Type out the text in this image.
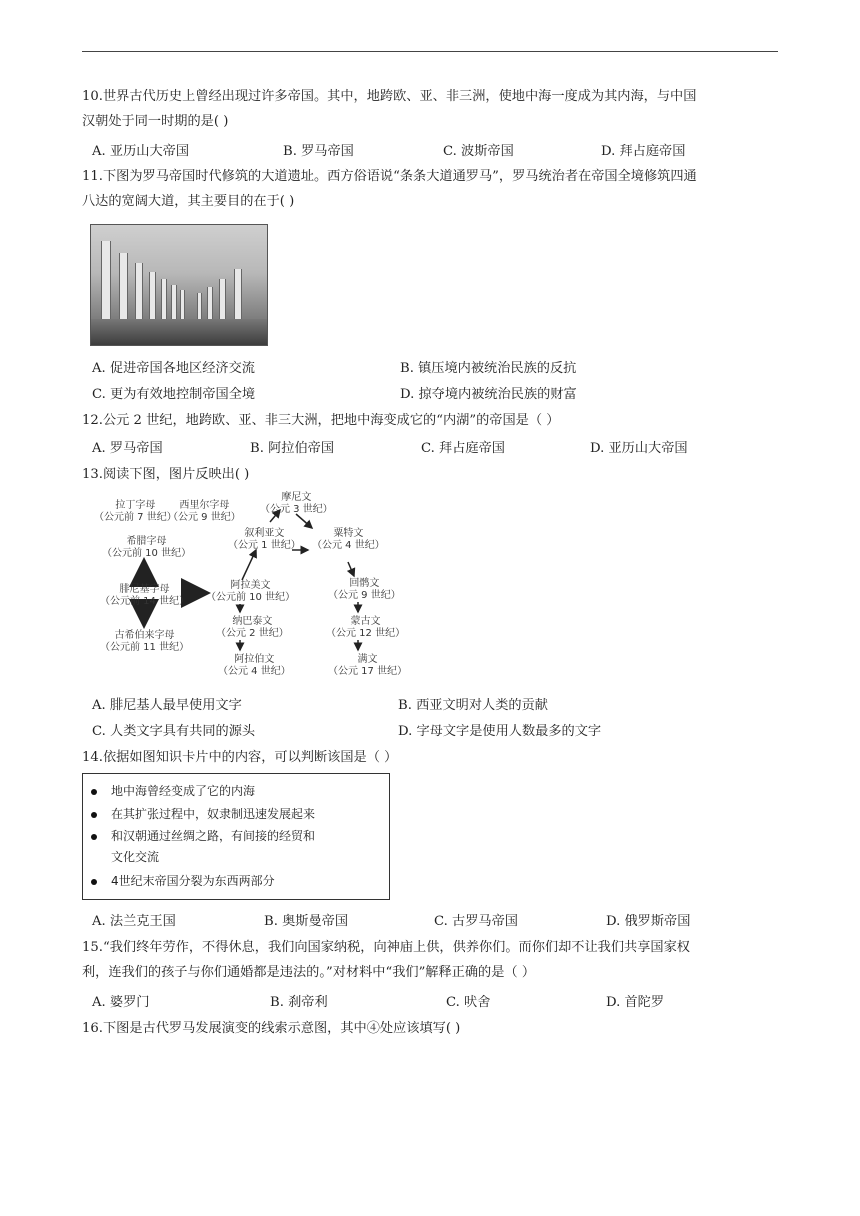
10.世界古代历史上曾经出现过许多帝国。其中，地跨欧、亚、非三洲，使地中海一度成为其内海，与中国
汉朝处于同一时期的是( )
A. 亚历山大帝国	B. 罗马帝国	C. 波斯帝国	D. 拜占庭帝国
11.下图为罗马帝国时代修筑的大道遗址。西方俗语说“条条大道通罗马”，罗马统治者在帝国全境修筑四通
八达的宽阔大道，其主要目的在于( )
A. 促进帝国各地区经济交流	B. 镇压境内被统治民族的反抗
C. 更为有效地控制帝国全境	D. 掠夺境内被统治民族的财富
12.公元 2 世纪，地跨欧、亚、非三大洲，把地中海变成它的“内湖”的帝国是（ ）
A. 罗马帝国	B. 阿拉伯帝国	C. 拜占庭帝国	D. 亚历山大帝国
13.阅读下图，图片反映出( )
拉丁字母
（公元前 7 世纪）
西里尔字母
（公元 9 世纪）
希腊字母
（公元前 10 世纪）
腓尼基字母
（公元前 14 世纪）
古希伯来字母
（公元前 11 世纪）
摩尼文
（公元 3 世纪）
叙利亚文
（公元 1 世纪）
粟特文
（公元 4 世纪）
阿拉美文
（公元前 10 世纪）
回鹘文
（公元 9 世纪）
纳巴泰文
（公元 2 世纪）
蒙古文
（公元 12 世纪）
阿拉伯文
（公元 4 世纪）
满文
（公元 17 世纪）
A. 腓尼基人最早使用文字	B. 西亚文明对人类的贡献
C. 人类文字具有共同的源头	D. 字母文字是使用人数最多的文字
14.依据如图知识卡片中的内容，可以判断该国是（ ）
地中海曾经变成了它的内海
在其扩张过程中，奴隶制迅速发展起来
和汉朝通过丝绸之路，有间接的经贸和
文化交流
4世纪末帝国分裂为东西两部分
A. 法兰克王国	B. 奥斯曼帝国	C. 古罗马帝国	D. 俄罗斯帝国
15.“我们终年劳作，不得休息，我们向国家纳税，向神庙上供，供养你们。而你们却不让我们共享国家权
利，连我们的孩子与你们通婚都是违法的。”对材料中“我们”解释正确的是（ ）
A. 婆罗门	B. 刹帝利	C. 吠舍	D. 首陀罗
16.下图是古代罗马发展演变的线索示意图，其中④处应该填写( )
